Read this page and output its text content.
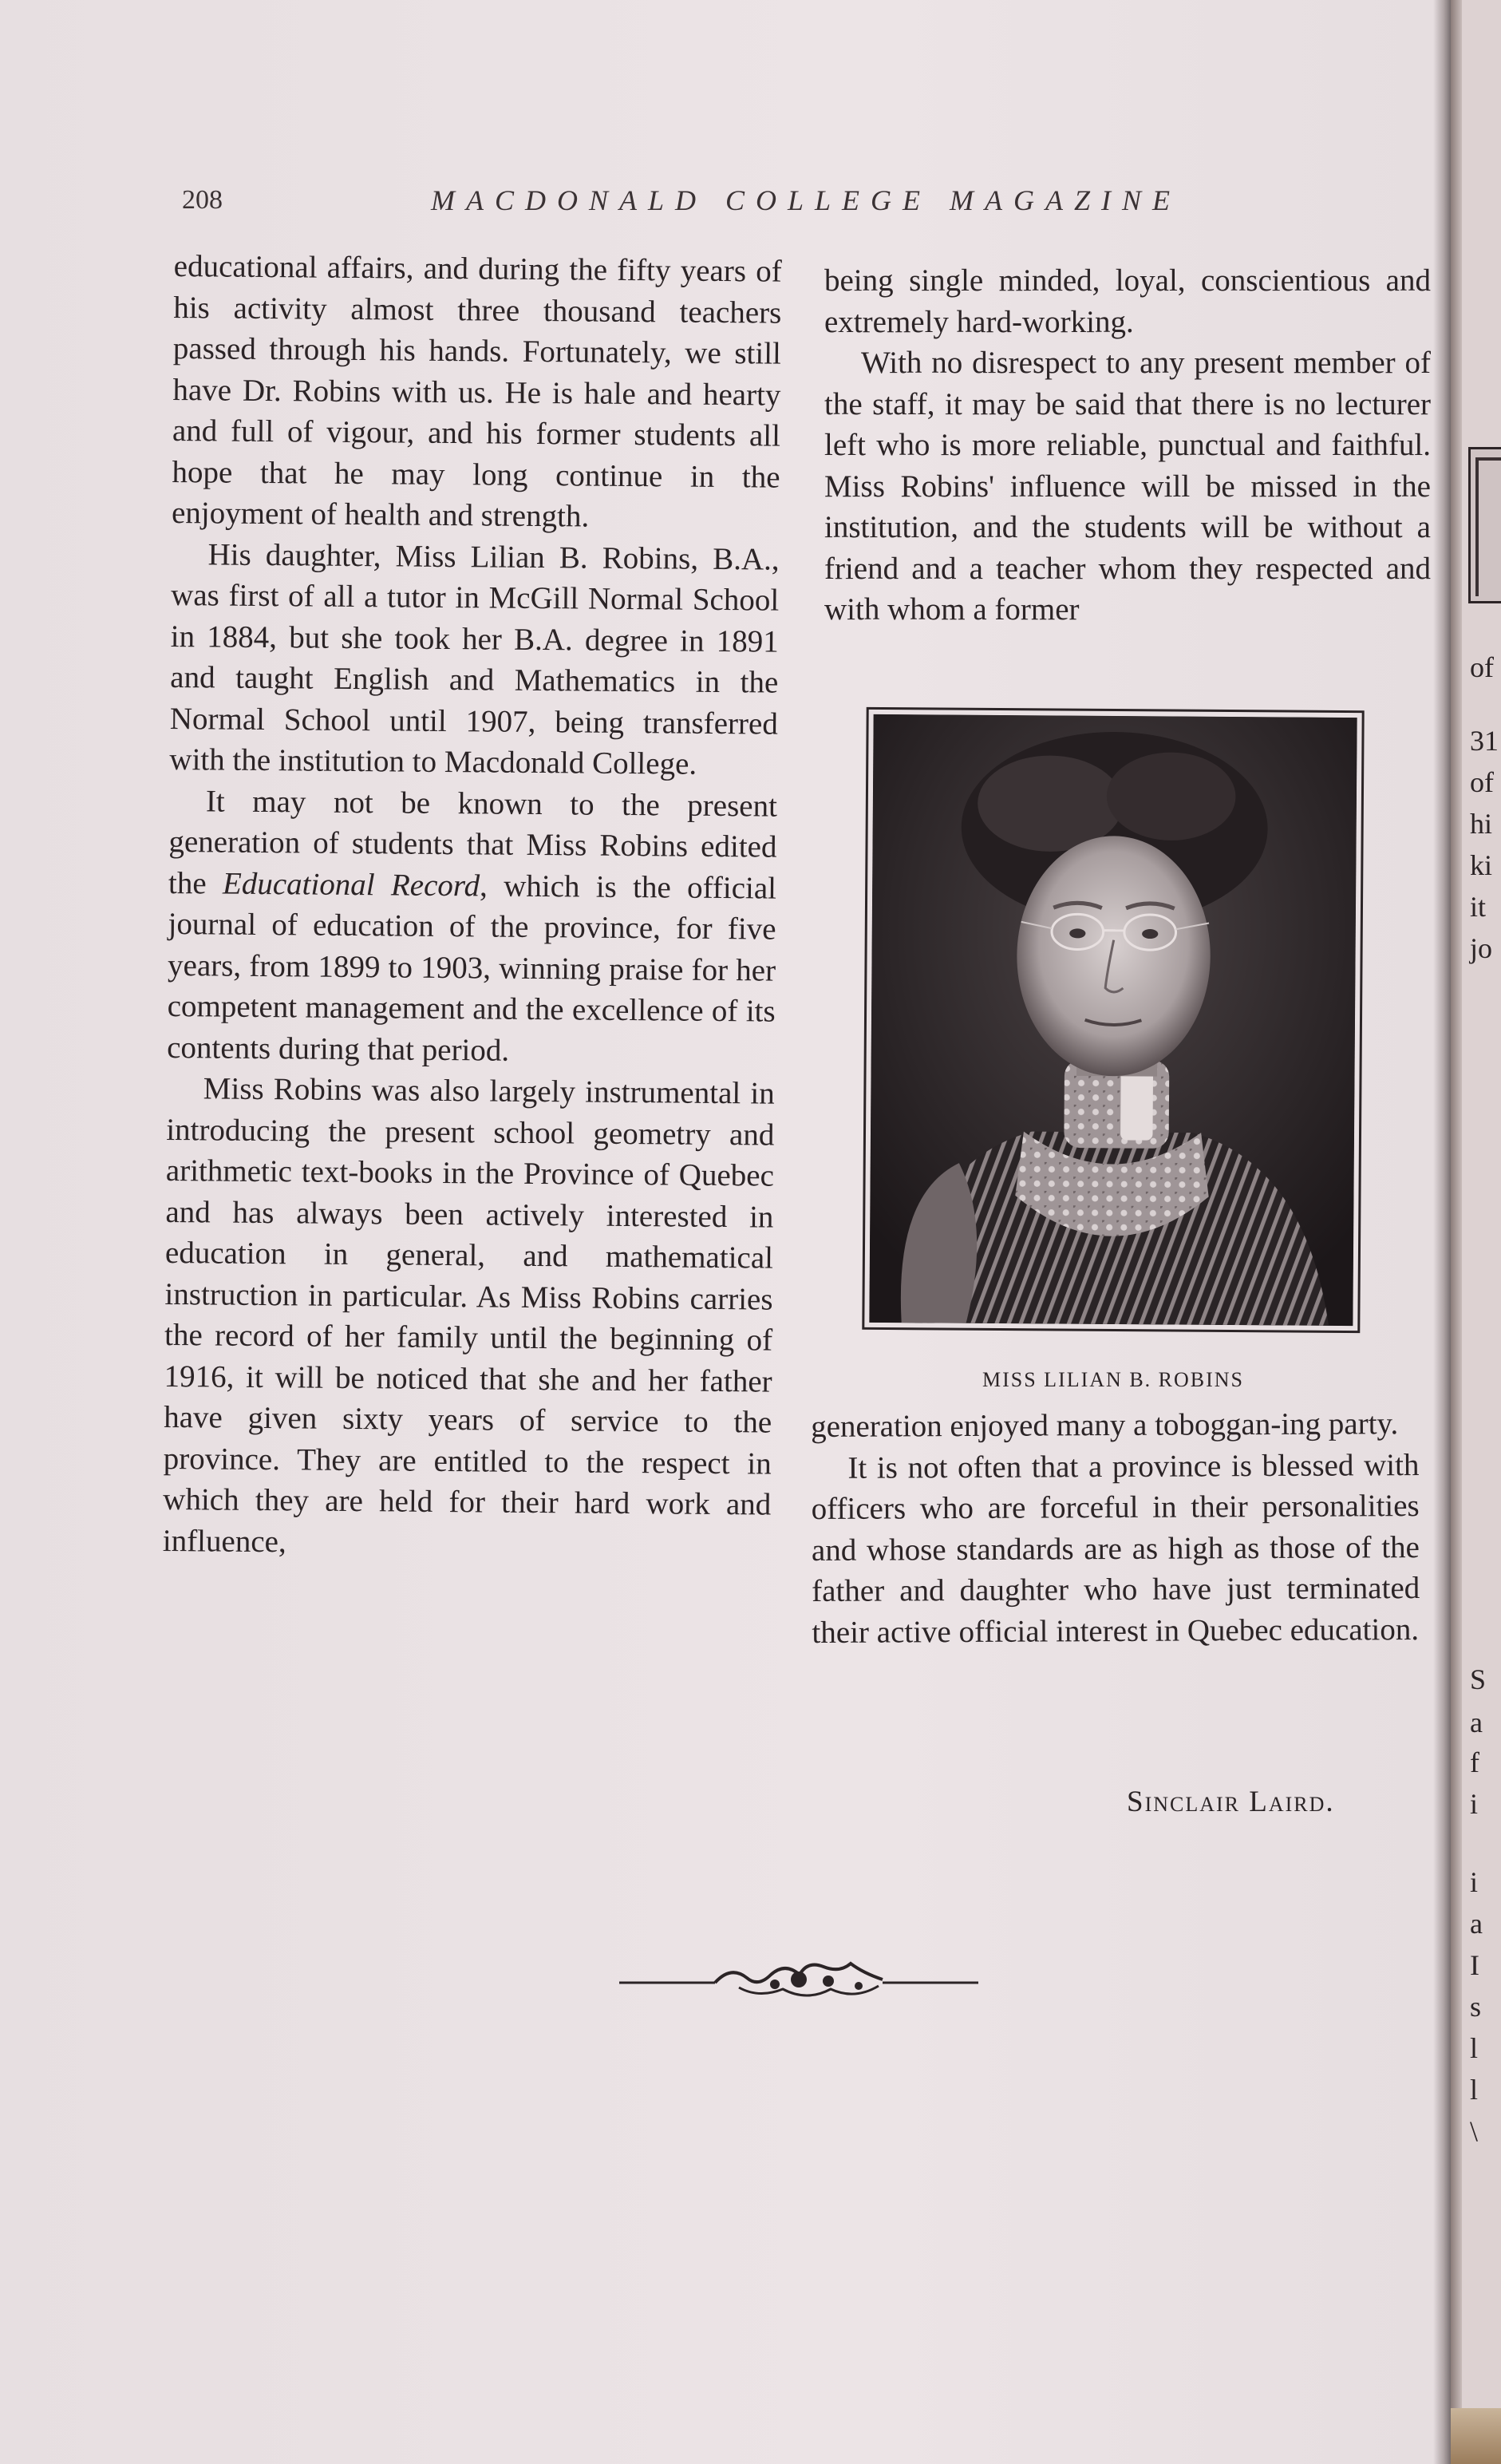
208	MACDONALD COLLEGE MAGAZINE

educational affairs, and during the fifty years of his activity almost three thousand teachers passed through his hands. Fortunately, we still have Dr. Robins with us. He is hale and hearty and full of vigour, and his former students all hope that he may long continue in the enjoyment of health and strength.

His daughter, Miss Lilian B. Robins, B.A., was first of all a tutor in McGill Normal School in 1884, but she took her B.A. degree in 1891 and taught English and Mathematics in the Normal School until 1907, being transferred with the institution to Macdonald College.

It may not be known to the present generation of students that Miss Robins edited the Educational Record, which is the official journal of education of the province, for five years, from 1899 to 1903, winning praise for her competent management and the excellence of its contents during that period.

Miss Robins was also largely instrumental in introducing the present school geometry and arithmetic text-books in the Province of Quebec and has always been actively interested in education in general, and mathematical instruction in particular. As Miss Robins carries the record of her family until the beginning of 1916, it will be noticed that she and her father have given sixty years of service to the province. They are entitled to the respect in which they are held for their hard work and influence,

being single minded, loyal, conscientious and extremely hard-working.

With no disrespect to any present member of the staff, it may be said that there is no lecturer left who is more reliable, punctual and faithful. Miss Robins' influence will be missed in the institution, and the students will be without a friend and a teacher whom they respected and with whom a former

MISS LILIAN B. ROBINS

generation enjoyed many a toboggan-ing party.

It is not often that a province is blessed with officers who are forceful in their personalities and whose standards are as high as those of the father and daughter who have just terminated their active official interest in Quebec education.

Sinclair Laird.
of
31
of
hi
ki
it
jo
S
a
f
i
i
a
I
s
l
l
\
